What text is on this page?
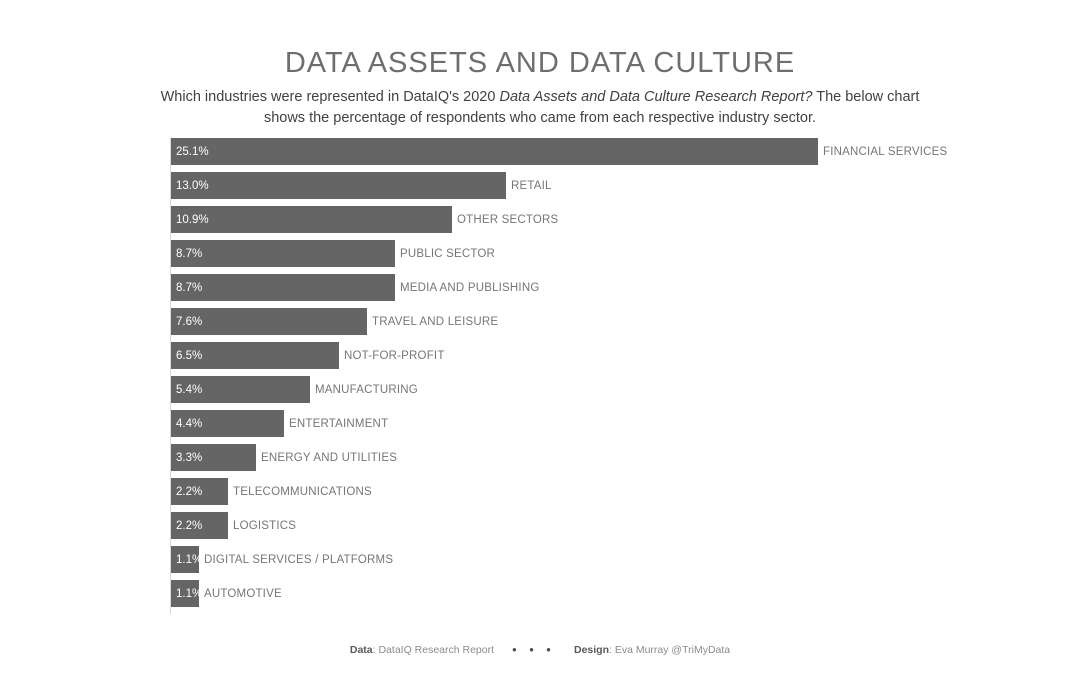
DATA ASSETS AND DATA CULTURE

Which industries were represented in DataIQ's 2020 Data Assets and Data Culture Research Report? The below chart shows the percentage of respondents who came from each respective industry sector.

25.1%	FINANCIAL SERVICES
13.0%	RETAIL
10.9%	OTHER SECTORS
8.7%	PUBLIC SECTOR
8.7%	MEDIA AND PUBLISHING
7.6%	TRAVEL AND LEISURE
6.5%	NOT-FOR-PROFIT
5.4%	MANUFACTURING
4.4%	ENTERTAINMENT
3.3%	ENERGY AND UTILITIES
2.2%	TELECOMMUNICATIONS
2.2%	LOGISTICS
1.1% DIGITAL SERVICES / PLATFORMS
1.1% AUTOMOTIVE

Data: DataIQ Research Report ● ● ● Design: Eva Murray @TriMyData
